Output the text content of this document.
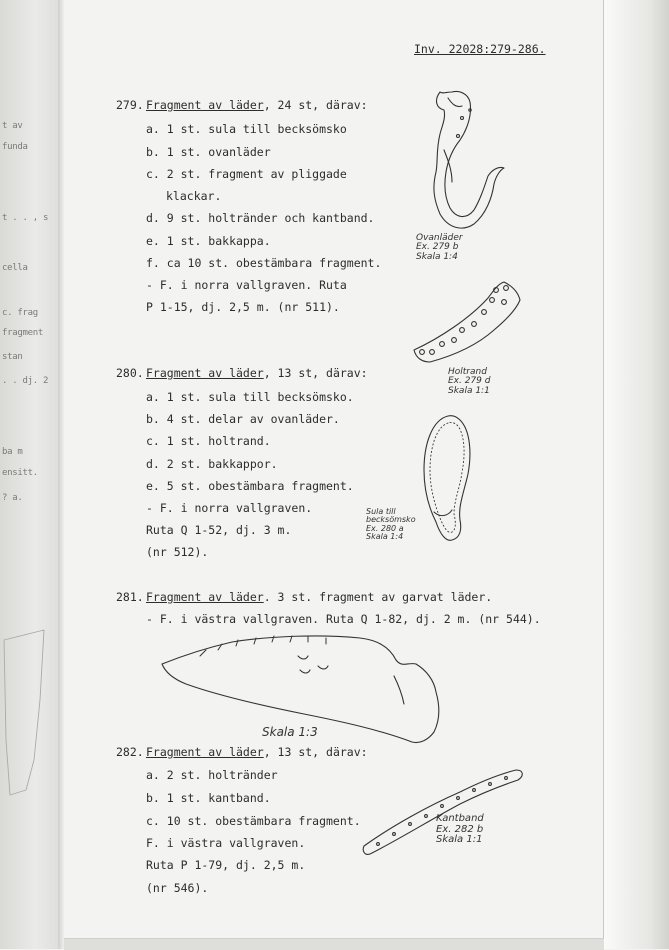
t av
funda
t . . , s
cella
c. frag
fragment
stan
. . dj. 2
ba m
ensitt.
? a.
Inv. 22028:279-286.
279. Fragment av läder, 24 st, därav:
a. 1 st. sula till becksömsko
b. 1 st. ovanläder
c. 2 st. fragment av pliggade
klackar.
d. 9 st. holtränder och kantband.
e. 1 st. bakkappa.
f. ca 10 st. obestämbara fragment.
- F. i norra vallgraven. Ruta
P 1-15, dj. 2,5 m. (nr 511).
280. Fragment av läder, 13 st, därav:
a. 1 st. sula till becksömsko.
b. 4 st. delar av ovanläder.
c. 1 st. holtrand.
d. 2 st. bakkappor.
e. 5 st. obestämbara fragment.
- F. i norra vallgraven.
Ruta Q 1-52, dj. 3 m.
(nr 512).
281. Fragment av läder. 3 st. fragment av garvat läder.
- F. i västra vallgraven. Ruta Q 1-82, dj. 2 m. (nr 544).
282. Fragment av läder, 13 st, därav:
a. 2 st. holtränder
b. 1 st. kantband.
c. 10 st. obestämbara fragment.
F. i västra vallgraven.
Ruta P 1-79, dj. 2,5 m.
(nr 546).
Ovanläder
Ex. 279 b
Skala 1:4
Holtrand
Ex. 279 d
Skala 1:1
Sula till
becksömsko
Ex. 280 a
Skala 1:4
Skala 1:3
Kantband
Ex. 282 b
Skala 1:1
